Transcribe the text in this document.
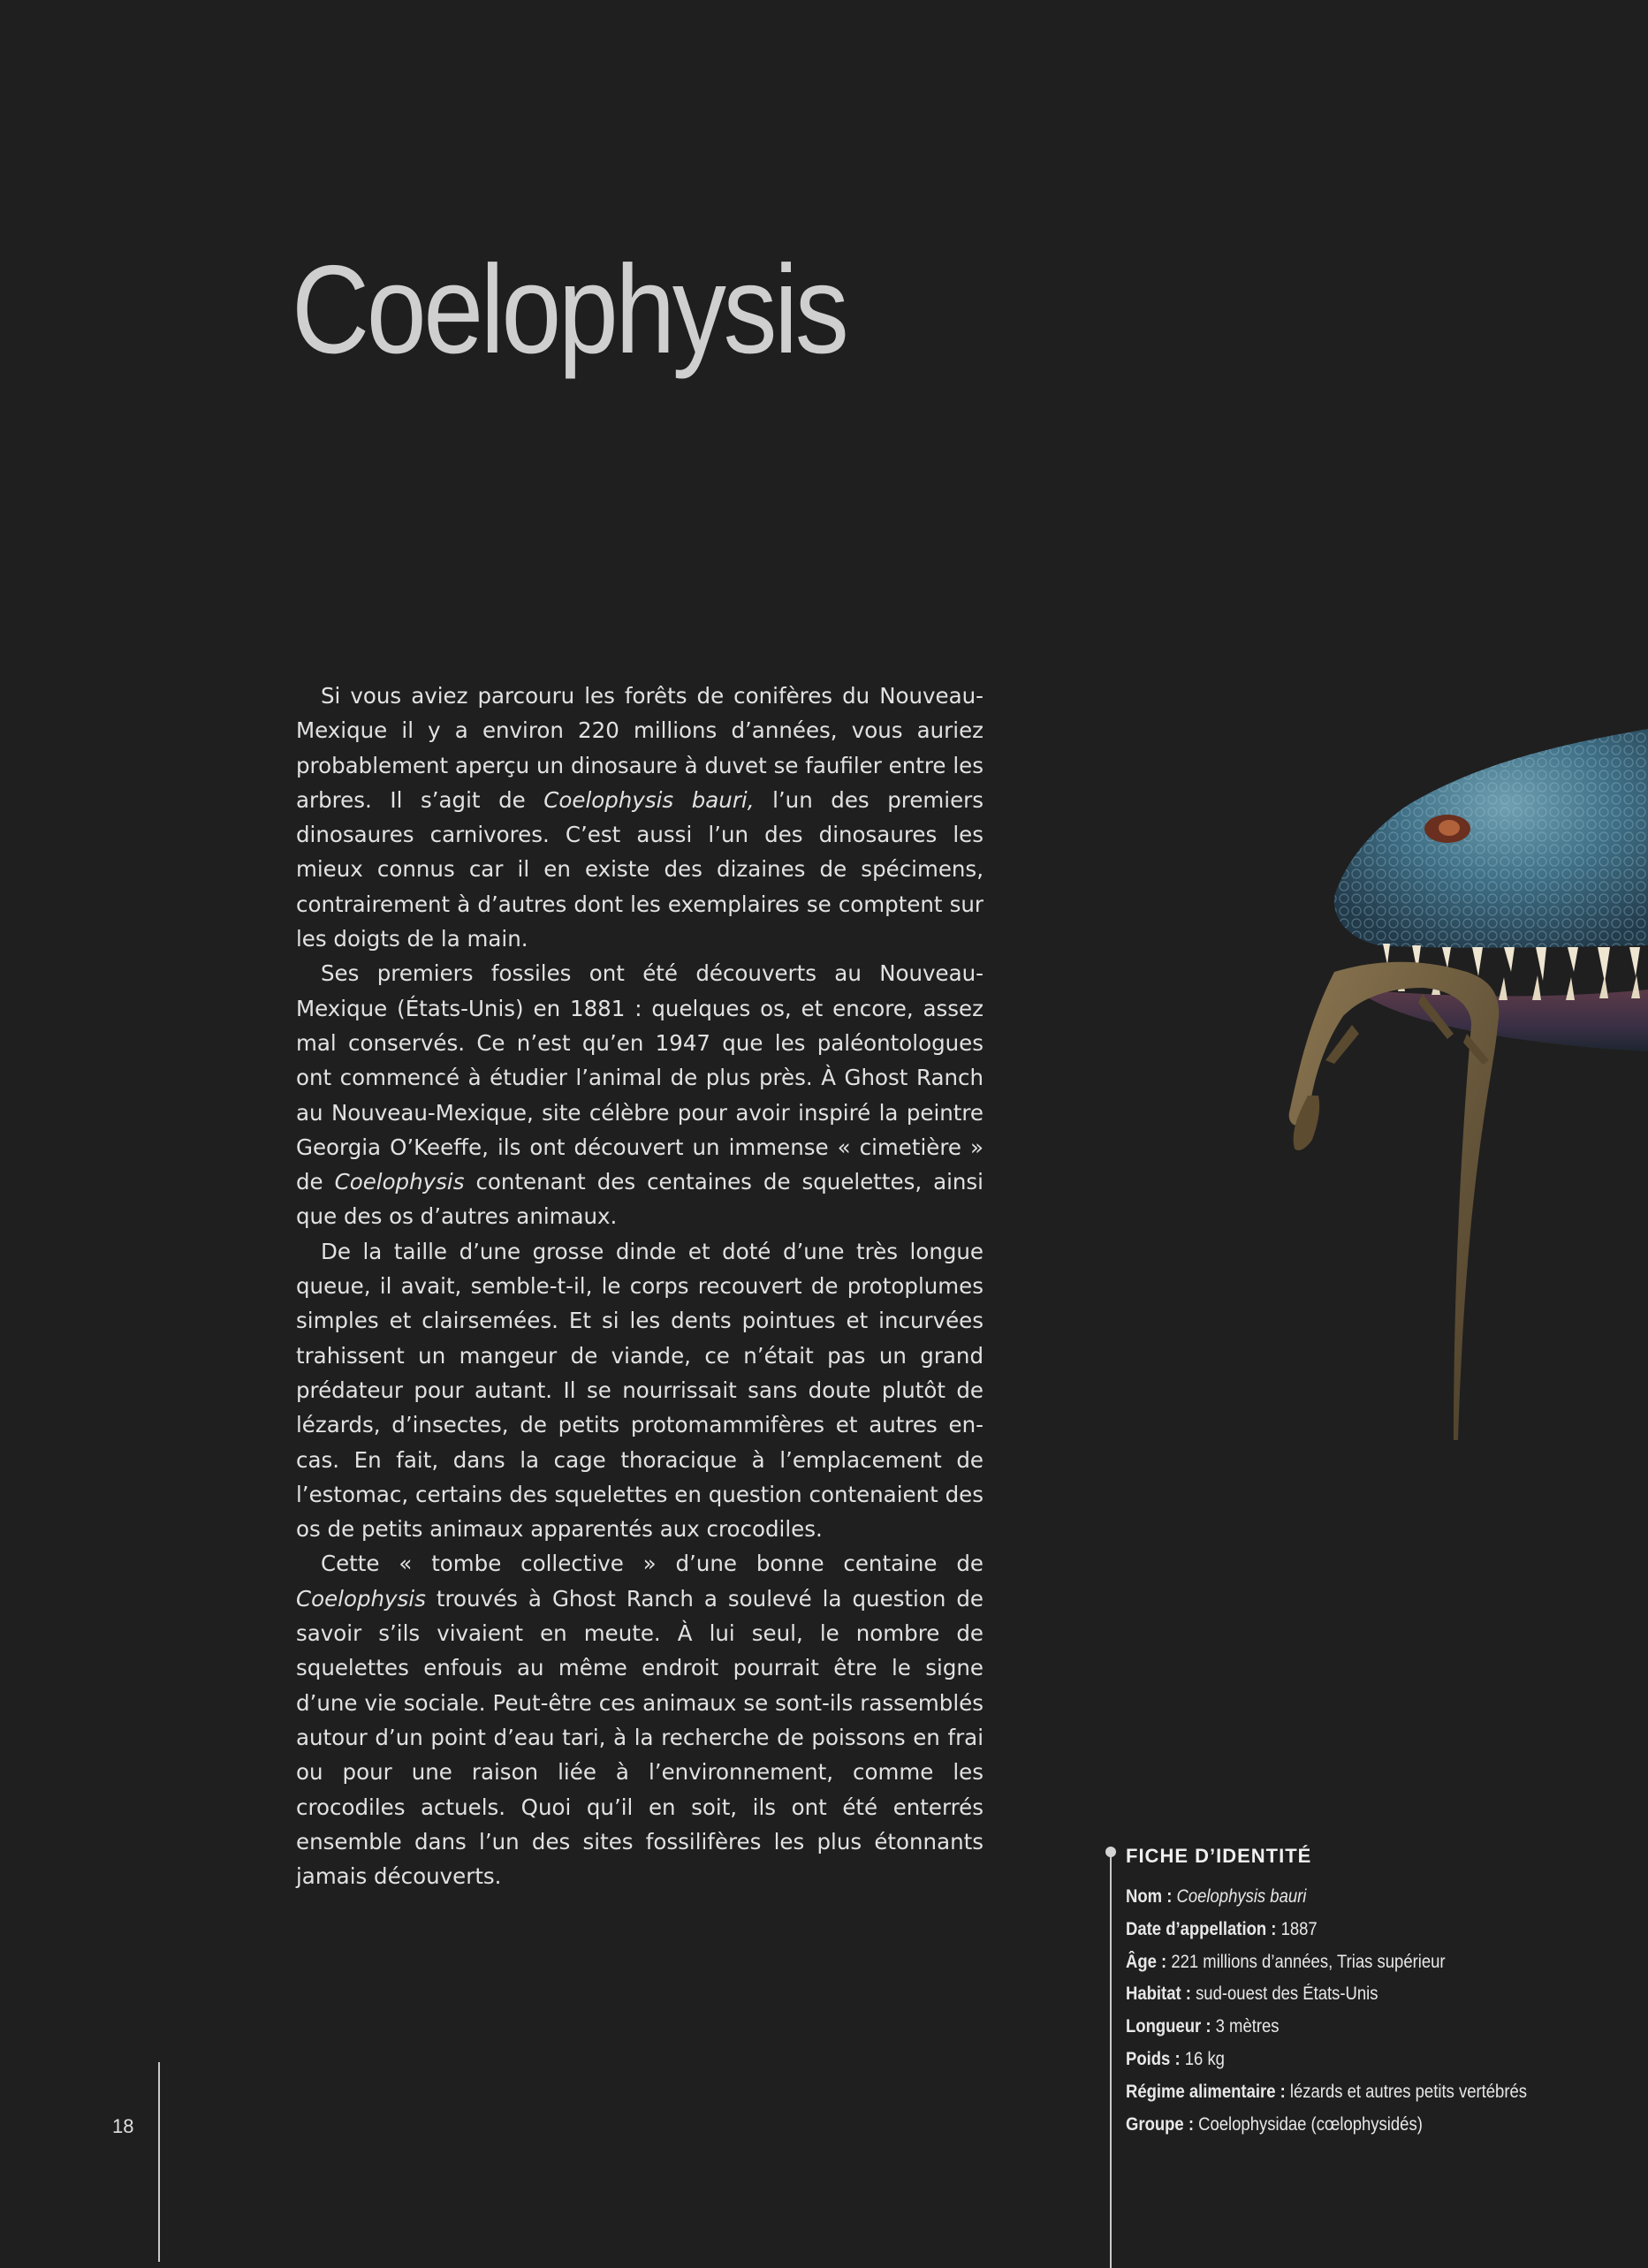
Coelophysis

Si vous aviez parcouru les forêts de conifères du Nouveau-Mexique il y a environ 220 millions d’années, vous auriez probablement aperçu un dinosaure à duvet se faufiler entre les arbres. Il s’agit de Coelophysis bauri, l’un des premiers dinosaures carnivores. C’est aussi l’un des dinosaures les mieux connus car il en existe des dizaines de spécimens, contrairement à d’autres dont les exemplaires se comptent sur les doigts de la main.

Ses premiers fossiles ont été découverts au Nouveau-Mexique (États-Unis) en 1881 : quelques os, et encore, assez mal conservés. Ce n’est qu’en 1947 que les paléontologues ont commencé à étudier l’animal de plus près. À Ghost Ranch au Nouveau-Mexique, site célèbre pour avoir inspiré la peintre Georgia O’Keeffe, ils ont découvert un immense « cimetière » de Coelophysis contenant des centaines de squelettes, ainsi que des os d’autres animaux.

De la taille d’une grosse dinde et doté d’une très longue queue, il avait, semble-t-il, le corps recouvert de protoplumes simples et clairsemées. Et si les dents pointues et incurvées trahissent un mangeur de viande, ce n’était pas un grand prédateur pour autant. Il se nourrissait sans doute plutôt de lézards, d’insectes, de petits protomammifères et autres en-cas. En fait, dans la cage thoracique à l’emplacement de l’estomac, certains des squelettes en question contenaient des os de petits animaux apparentés aux crocodiles.

Cette « tombe collective » d’une bonne centaine de Coelophysis trouvés à Ghost Ranch a soulevé la question de savoir s’ils vivaient en meute. À lui seul, le nombre de squelettes enfouis au même endroit pourrait être le signe d’une vie sociale. Peut-être ces animaux se sont-ils rassemblés autour d’un point d’eau tari, à la recherche de poissons en frai ou pour une raison liée à l’environnement, comme les crocodiles actuels. Quoi qu’il en soit, ils ont été enterrés ensemble dans l’un des sites fossilifères les plus étonnants jamais découverts.

FICHE D’IDENTITÉ
Nom : Coelophysis bauri
Date d’appellation : 1887
Âge : 221 millions d’années, Trias supérieur
Habitat : sud-ouest des États-Unis
Longueur : 3 mètres
Poids : 16 kg
Régime alimentaire : lézards et autres petits vertébrés
Groupe : Coelophysidae (cœlophysidés)
18
